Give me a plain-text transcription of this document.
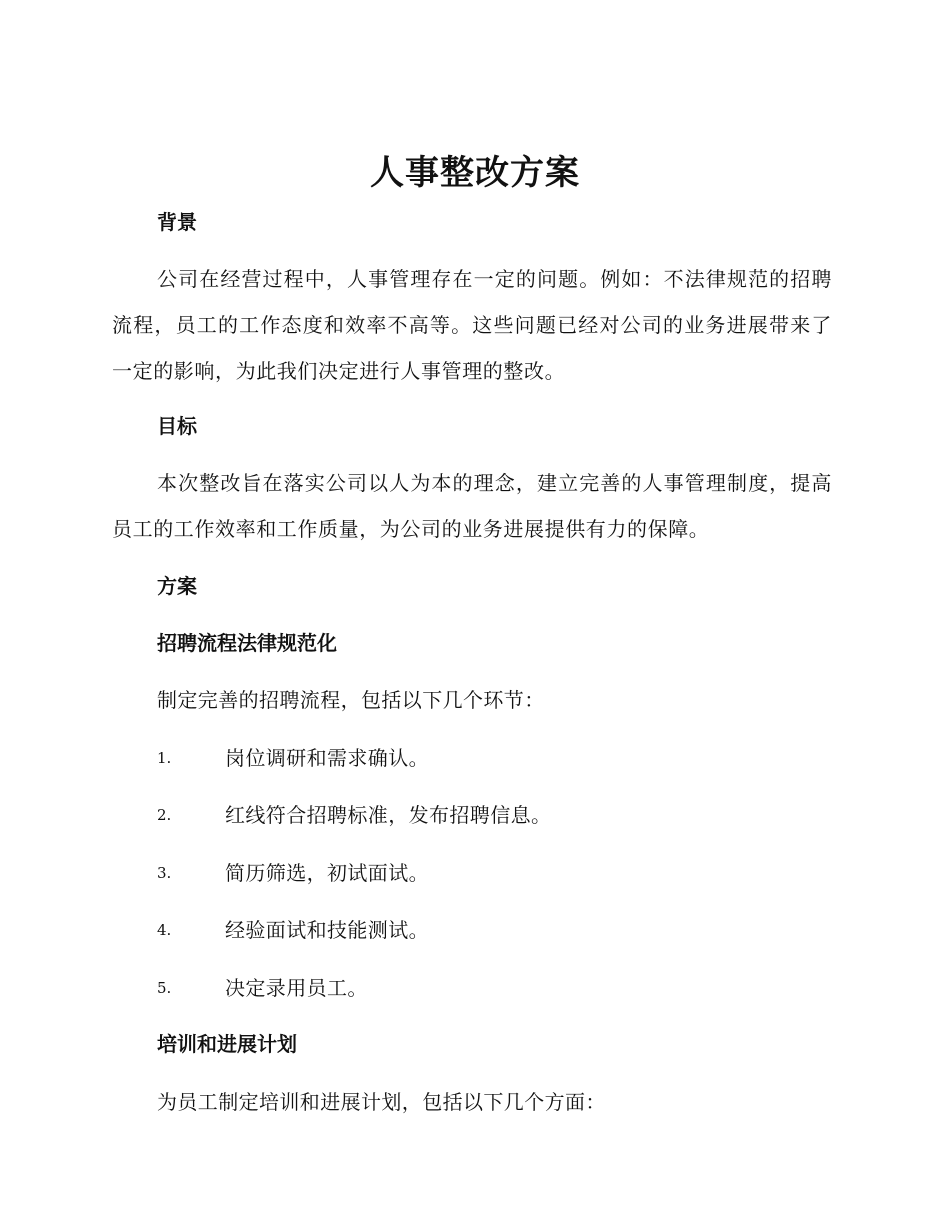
人事整改方案
背景
公司在经营过程中，人事管理存在一定的问题。例如：不法律规范的招聘流程，员工的工作态度和效率不高等。这些问题已经对公司的业务进展带来了一定的影响，为此我们决定进行人事管理的整改。
目标
本次整改旨在落实公司以人为本的理念，建立完善的人事管理制度，提高员工的工作效率和工作质量，为公司的业务进展提供有力的保障。
方案
招聘流程法律规范化
制定完善的招聘流程，包括以下几个环节：
1.	岗位调研和需求确认。
2.	红线符合招聘标准，发布招聘信息。
3.	简历筛选，初试面试。
4.	经验面试和技能测试。
5.	决定录用员工。
培训和进展计划
为员工制定培训和进展计划，包括以下几个方面：
